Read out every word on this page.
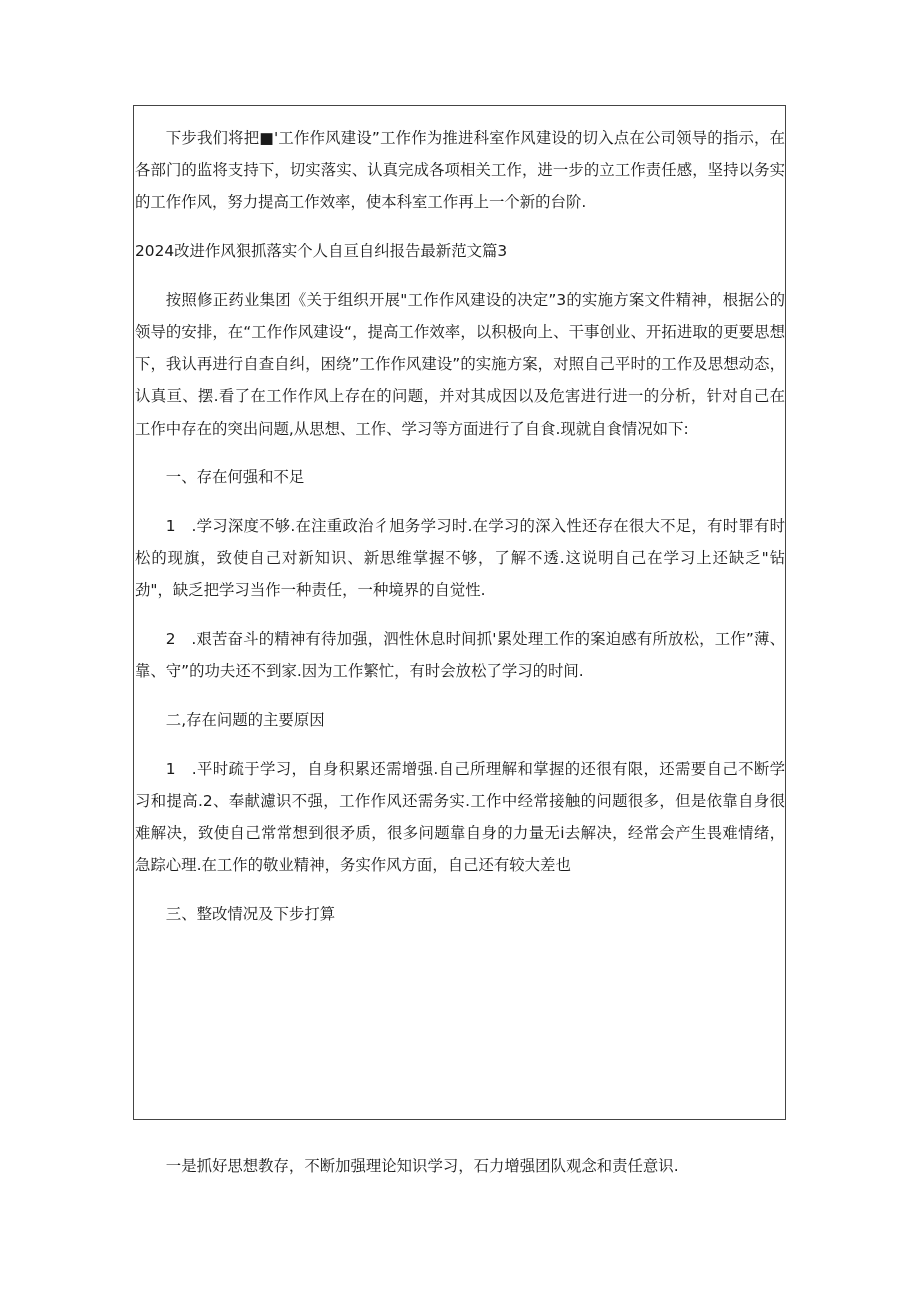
下步我们将把■'工作作风建设”工作作为推进科室作风建设的切入点在公司领导的指示，在各部门的监将支持下，切实落实、认真完成各项相关工作，进一步的立工作责任感，坚持以务实的工作作风，努力提高工作效率，使本科室工作再上一个新的台阶.

2024改进作风狠抓落实个人自亘自纠报告最新范文篇3

按照修正药业集团《关于组织开展"工作作风建设的决定”3的实施方案文件精神，根据公的领导的安排，在“工作作风建设“，提高工作效率，以积极向上、干事创业、开拓进取的更要思想下，我认再进行自查自纠，困绕”工作作风建设”的实施方案，对照自己平时的工作及思想动态，认真亘、摆.看了在工作作风上存在的问题，并对其成因以及危害进行进一的分析，针对自己在工作中存在的突出问题,从思想、工作、学习等方面进行了自食.现就自食情况如下:

一、存在何强和不足

1　.学习深度不够.在注重政治彳旭务学习时.在学习的深入性还存在很大不足，有时罪有时松的现旗，致使自己对新知识、新思维掌握不够，了解不透.这说明自己在学习上还缺乏"钻劲"，缺乏把学习当作一种责任，一种境界的自觉性.

2　.艰苦奋斗的精神有待加强，泗性休息时间抓'累处理工作的案迫感有所放松，工作”薄、靠、守”的功夫还不到家.因为工作繁忙，有时会放松了学习的时间.

二,存在问题的主要原因

1　.平时疏于学习，自身积累还需增强.自己所理解和掌握的还很有限，还需要自己不断学习和提高.2、奉献濾识不强，工作作风还需务实.工作中经常接触的问题很多，但是依靠自身很难解决，致使自己常常想到很矛质，很多问题靠自身的力量无i去解决，经常会产生畏难情绪，急踪心理.在工作的敬业精神，务实作风方面，自己还有较大差也

三、整改情况及下步打算

一是抓好思想教存，不断加强理论知识学习，石力增强团队观念和责任意识.
